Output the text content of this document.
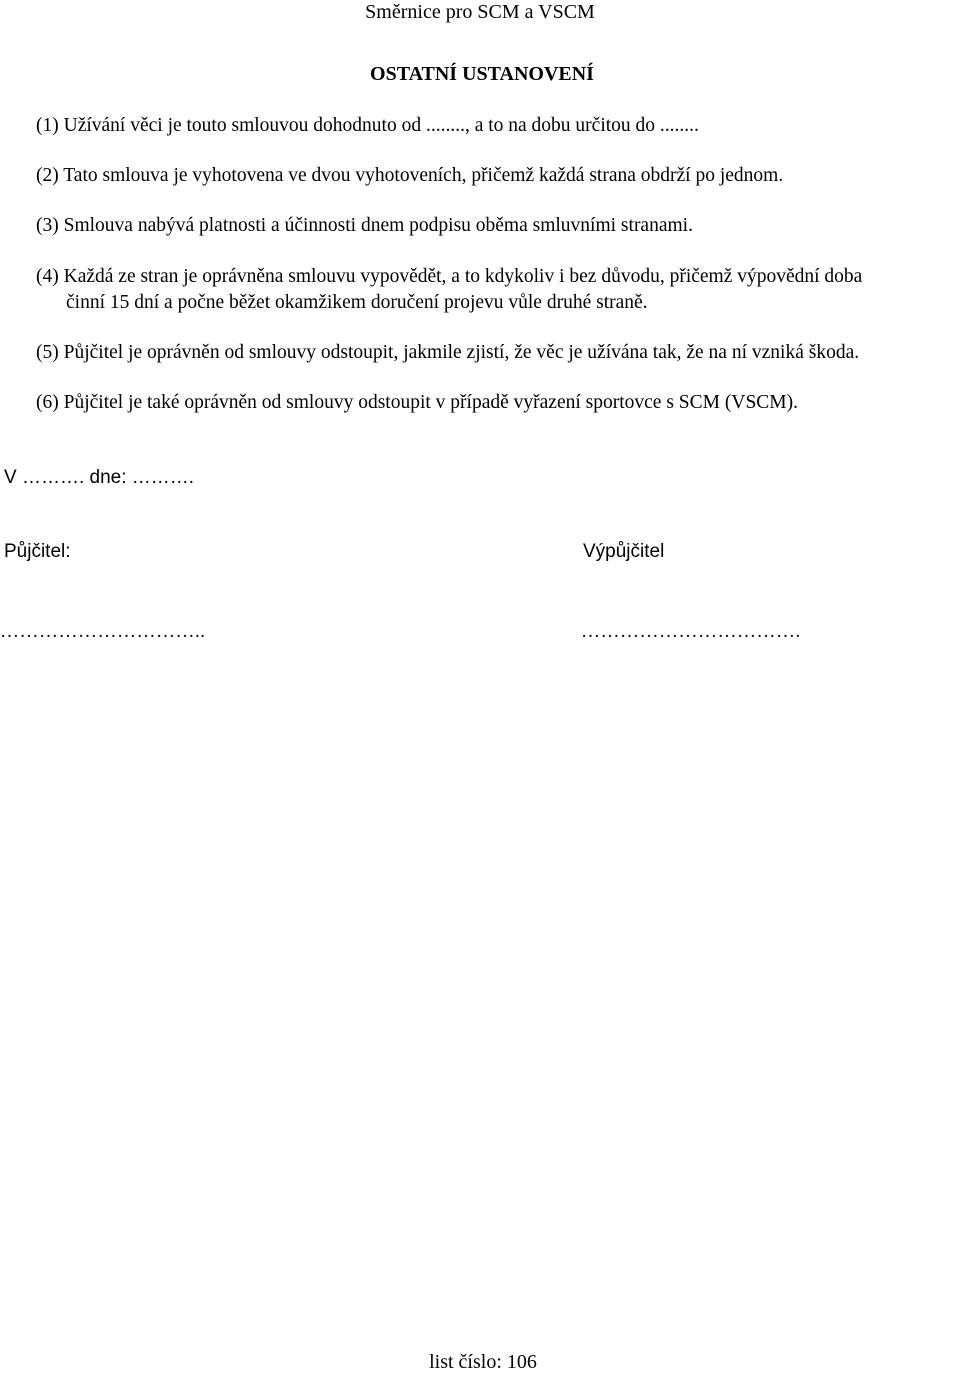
Směrnice pro SCM a VSCM
OSTATNÍ USTANOVENÍ
(1) Užívání věci je touto smlouvou dohodnuto od ........, a to na dobu určitou do ........
(2) Tato smlouva je vyhotovena ve dvou vyhotoveních, přičemž každá strana obdrží po jednom.
(3) Smlouva nabývá platnosti a účinnosti dnem podpisu oběma smluvními stranami.
(4) Každá ze stran je oprávněna smlouvu vypovědět, a to kdykoliv i bez důvodu, přičemž výpovědní doba
činní 15 dní a počne běžet okamžikem doručení projevu vůle druhé straně.
(5) Půjčitel je oprávněn od smlouvy odstoupit, jakmile zjistí, že věc je užívána tak, že na ní vzniká škoda.
(6) Půjčitel je také oprávněn od smlouvy odstoupit v případě vyřazení sportovce s SCM (VSCM).
V ………. dne: ……….
Půjčitel:	Výpůjčitel
…………………………..	…………………………….
list číslo: 106
